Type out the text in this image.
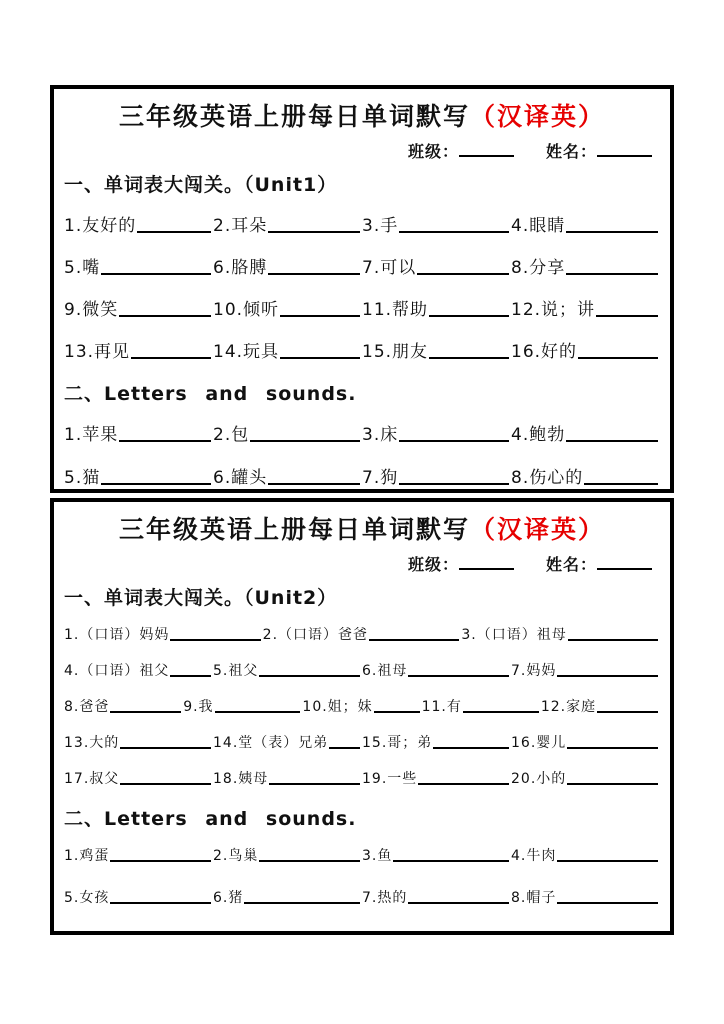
三年级英语上册每日单词默写（汉译英）
班级：	姓名：
一、单词表大闯关。（Unit1）
1.友好的	2.耳朵	3.手	4.眼睛
5.嘴	6.胳膊	7.可以	8.分享
9.微笑	10.倾听	11.帮助	12.说；讲
13.再见	14.玩具	15.朋友	16.好的
二、Letters and sounds.
1.苹果	2.包	3.床	4.鲍勃
5.猫	6.罐头	7.狗	8.伤心的
三年级英语上册每日单词默写（汉译英）
班级：	姓名：
一、单词表大闯关。（Unit2）
1.（口语）妈妈	2.（口语）爸爸	3.（口语）祖母
4.（口语）祖父	5.祖父	6.祖母	7.妈妈
8.爸爸	9.我	10.姐；妹	11.有	12.家庭
13.大的	14.堂（表）兄弟 15.哥；弟	16.婴儿
17.叔父	18.姨母	19.一些	20.小的
二、Letters and sounds.
1.鸡蛋	2.鸟巢	3.鱼	4.牛肉
5.女孩	6.猪	7.热的	8.帽子
